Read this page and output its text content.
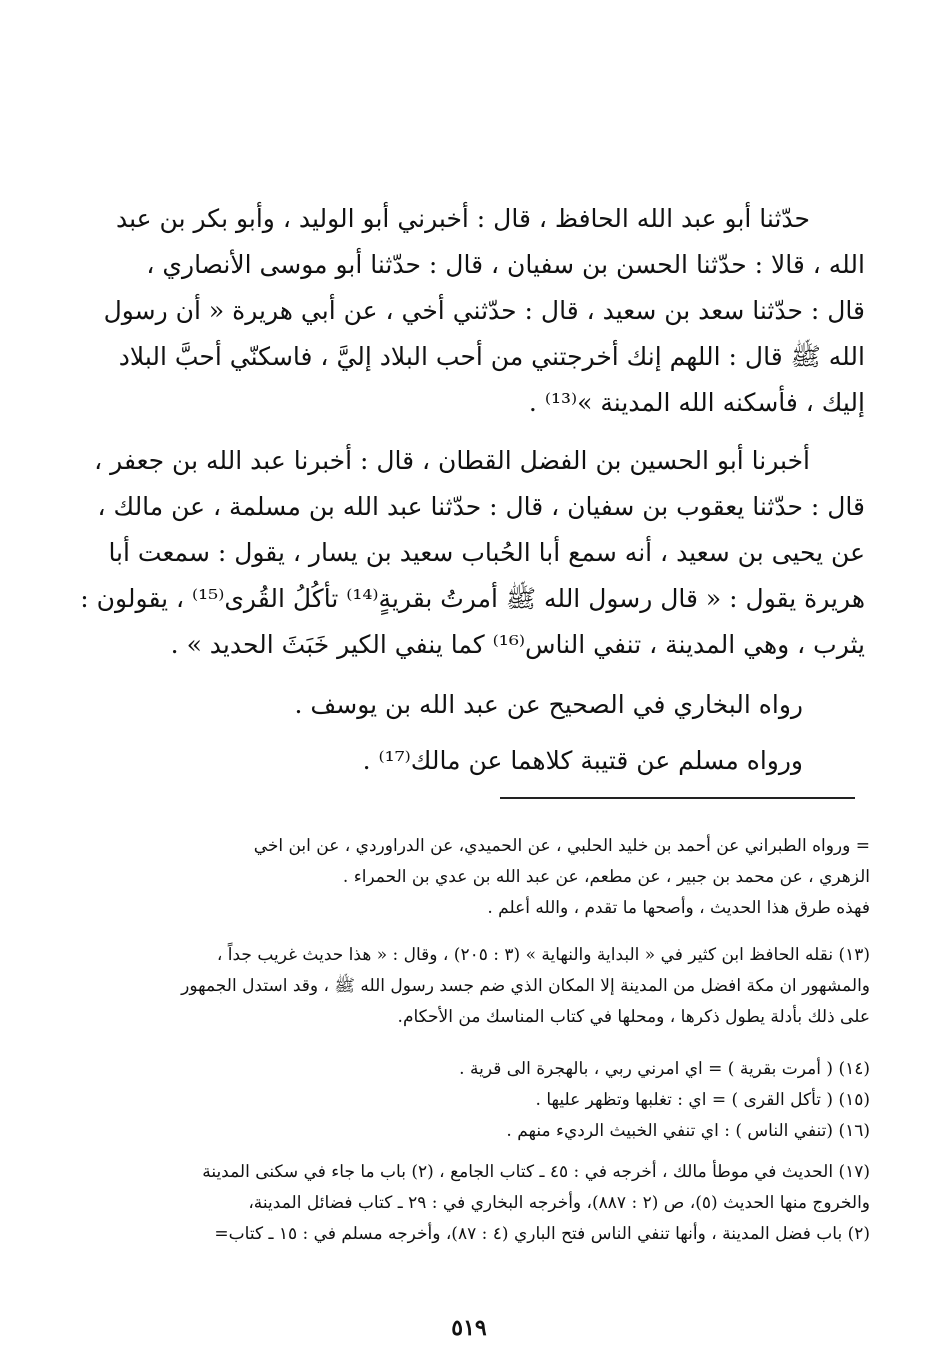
حدّثنا أبو عبد الله الحافظ ، قال : أخبرني أبو الوليد ، وأبو بكر بن عبد
الله ، قالا : حدّثنا الحسن بن سفيان ، قال : حدّثنا أبو موسى الأنصاري ،
قال : حدّثنا سعد بن سعيد ، قال : حدّثني أخي ، عن أبي هريرة « أن رسول
الله ﷺ قال : اللهم إنك أخرجتني من أحب البلاد إليَّ ، فاسكنّي أحبَّ البلاد
إليك ، فأسكنه الله المدينة »⁽¹³⁾ .
أخبرنا أبو الحسين بن الفضل القطان ، قال : أخبرنا عبد الله بن جعفر ،
قال : حدّثنا يعقوب بن سفيان ، قال : حدّثنا عبد الله بن مسلمة ، عن مالك ،
عن يحيى بن سعيد ، أنه سمع أبا الحُباب سعيد بن يسار ، يقول : سمعت أبا
هريرة يقول : « قال رسول الله ﷺ أمرتُ بقريةٍ⁽¹⁴⁾ تأكُلُ القُرى⁽¹⁵⁾ ، يقولون :
يثرب ، وهي المدينة ، تنفي الناس⁽¹⁶⁾ كما ينفي الكير خَبَثَ الحديد » .
رواه البخاري في الصحيح عن عبد الله بن يوسف .
ورواه مسلم عن قتيبة كلاهما عن مالك⁽¹⁷⁾ .
= ورواه الطبراني عن أحمد بن خليد الحلبي ، عن الحميدي، عن الدراوردي ، عن ابن اخي
الزهري ، عن محمد بن جبير ، عن مطعم، عن عبد الله بن عدي بن الحمراء .
فهذه طرق هذا الحديث ، وأصحها ما تقدم ، والله أعلم .
(١٣) نقله الحافظ ابن كثير في « البداية والنهاية » (٣ : ٢٠٥) ، وقال : « هذا حديث غريب جداً ،
والمشهور ان مكة افضل من المدينة إلا المكان الذي ضم جسد رسول الله ﷺ ، وقد استدل الجمهور
على ذلك بأدلة يطول ذكرها ، ومحلها في كتاب المناسك من الأحكام.
(١٤) ( أمرت بقرية ) = اي امرني ربي ، بالهجرة الى قرية .
(١٥) ( تأكل القرى ) = اي : تغلبها وتظهر عليها .
(١٦) (تنفي الناس ) : اي تنفي الخبيث الرديء منهم .
(١٧) الحديث في موطأ مالك ، أخرجه في : ٤٥ ـ كتاب الجامع ، (٢) باب ما جاء في سكنى المدينة
والخروج منها الحديث (٥)، ص (٢ : ٨٨٧)، وأخرجه البخاري في : ٢٩ ـ كتاب فضائل المدينة،
(٢) باب فضل المدينة ، وأنها تنفي الناس فتح الباري (٤ : ٨٧)، وأخرجه مسلم في : ١٥ ـ كتاب=
٥١٩
